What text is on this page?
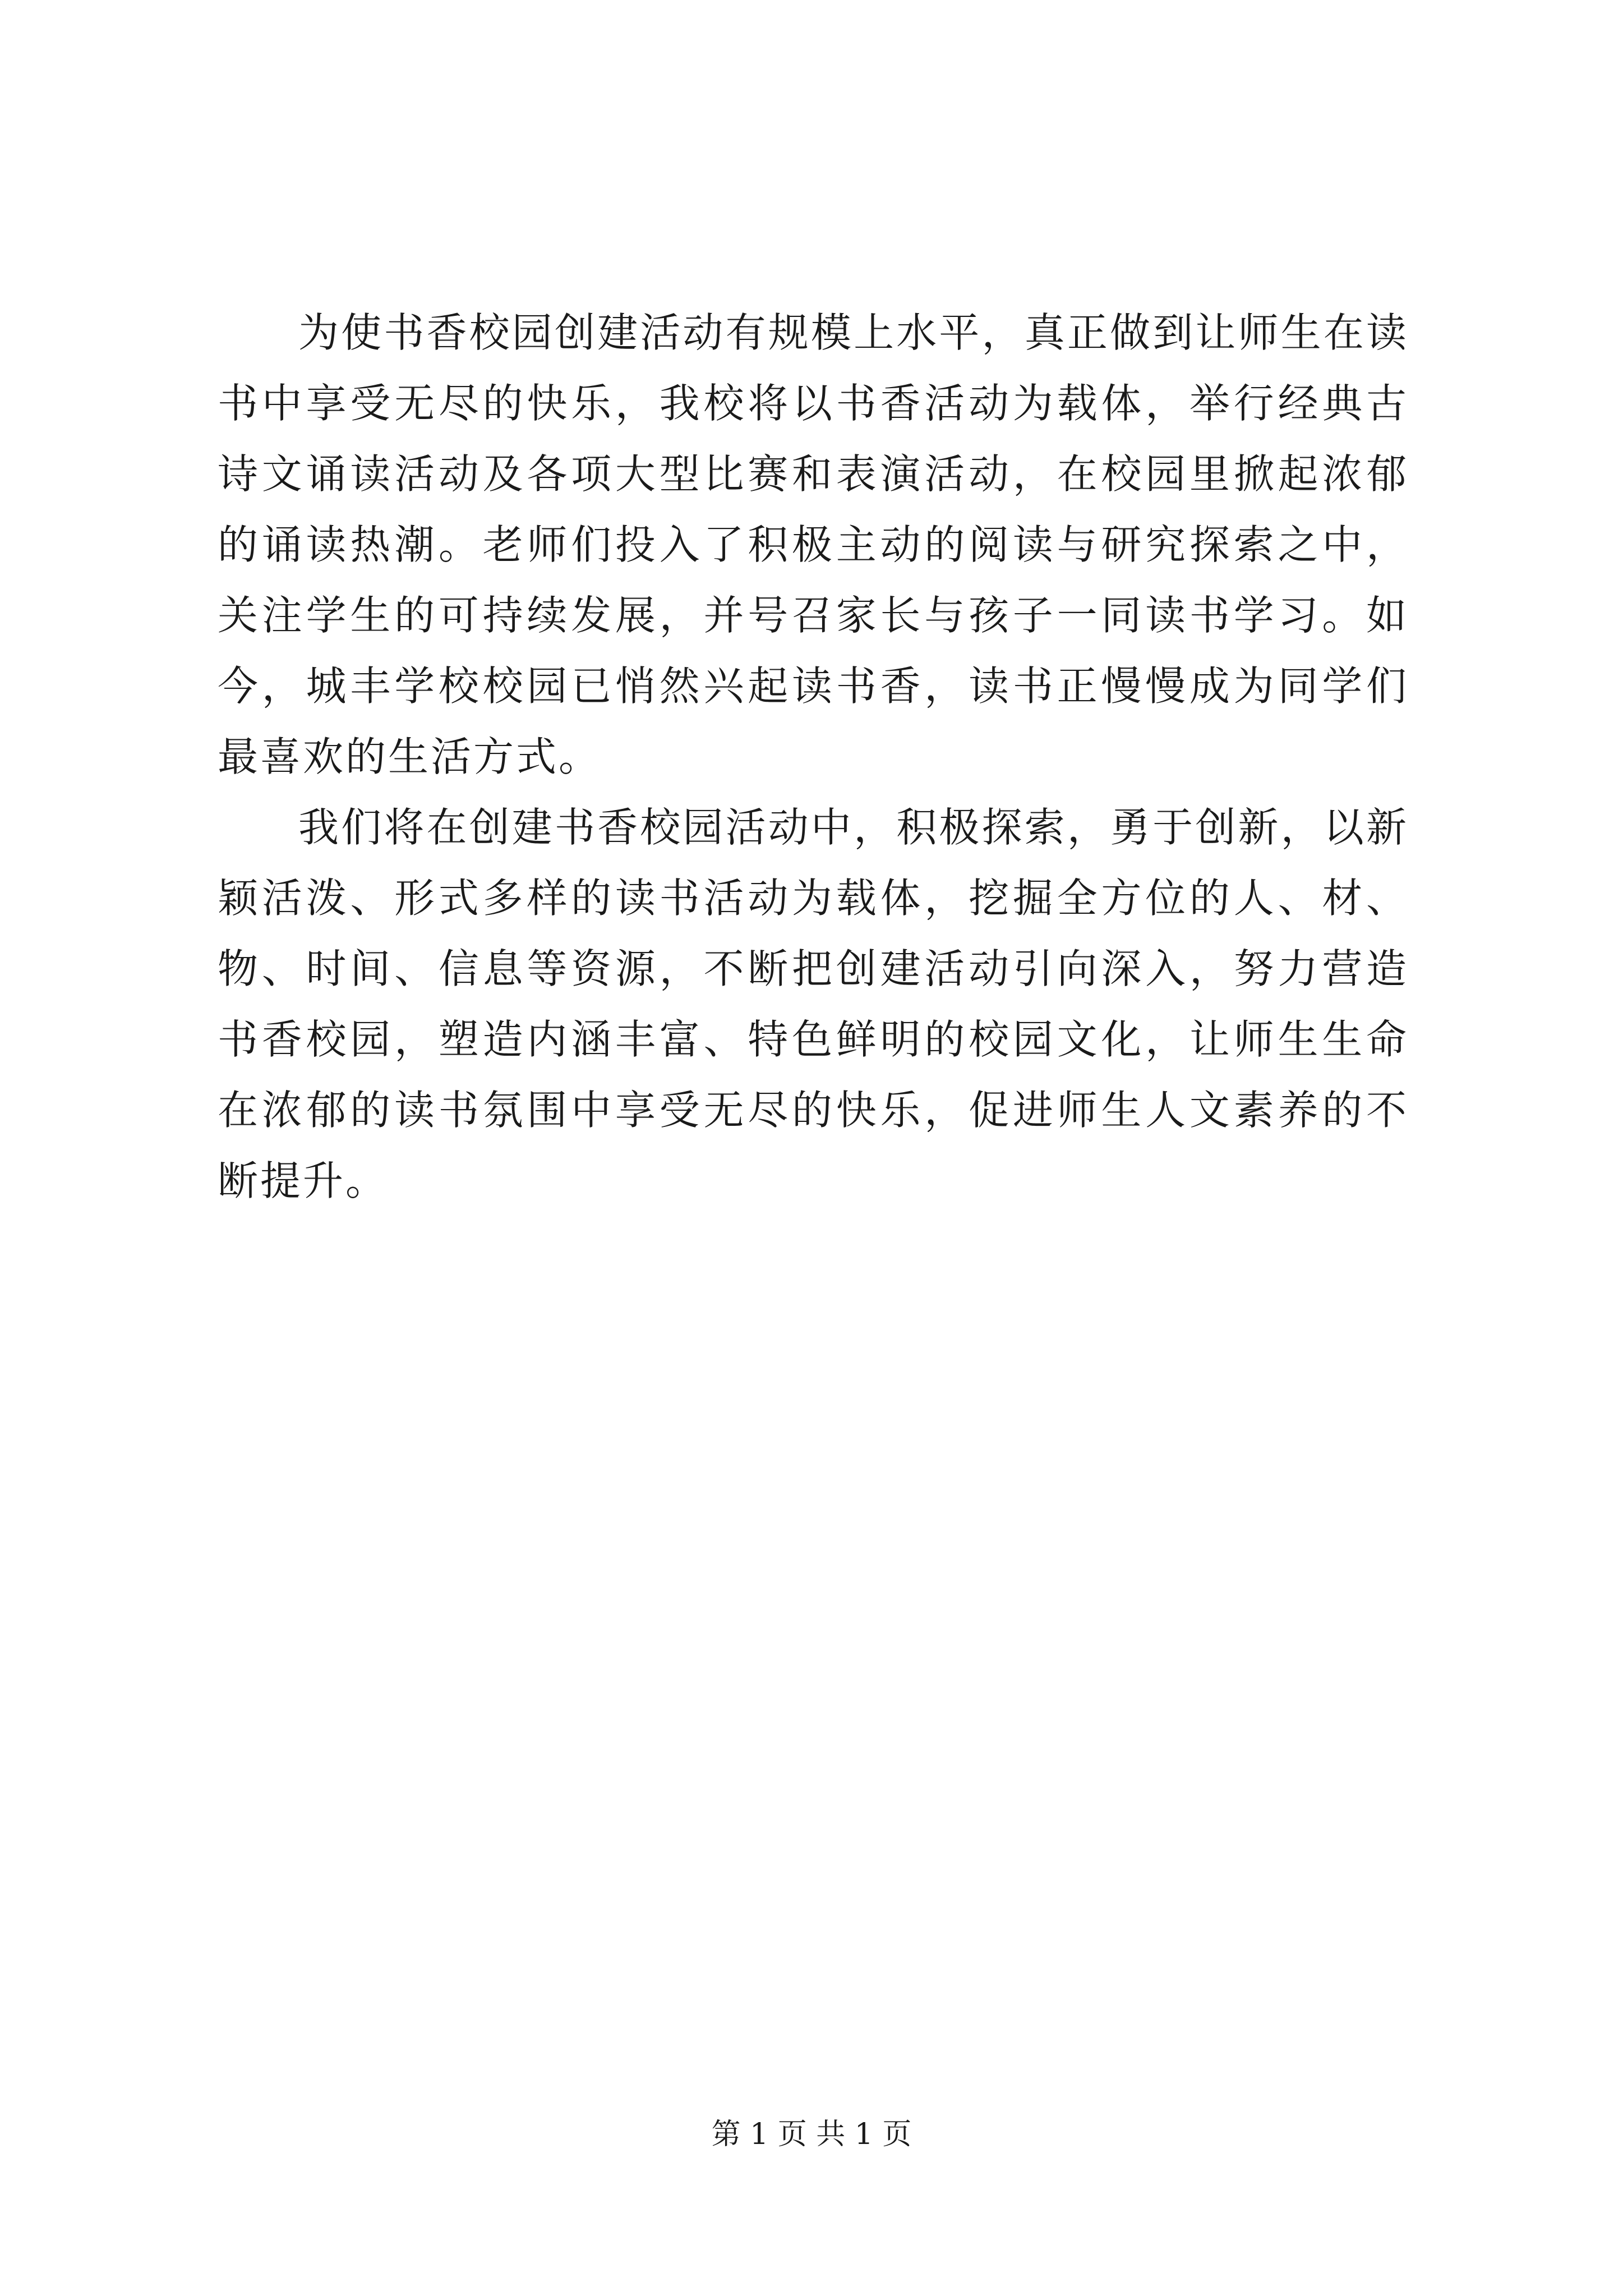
为使书香校园创建活动有规模上水平，真正做到让师生在读书中享受无尽的快乐，我校将以书香活动为载体，举行经典古诗文诵读活动及各项大型比赛和表演活动，在校园里掀起浓郁的诵读热潮。老师们投入了积极主动的阅读与研究探索之中，关注学生的可持续发展，并号召家长与孩子一同读书学习。如今，城丰学校校园已悄然兴起读书香，读书正慢慢成为同学们最喜欢的生活方式。

我们将在创建书香校园活动中，积极探索，勇于创新，以新颖活泼、形式多样的读书活动为载体，挖掘全方位的人、材、物、时间、信息等资源，不断把创建活动引向深入，努力营造书香校园，塑造内涵丰富、特色鲜明的校园文化，让师生生命在浓郁的读书氛围中享受无尽的快乐，促进师生人文素养的不断提升。

第 1 页 共 1 页
